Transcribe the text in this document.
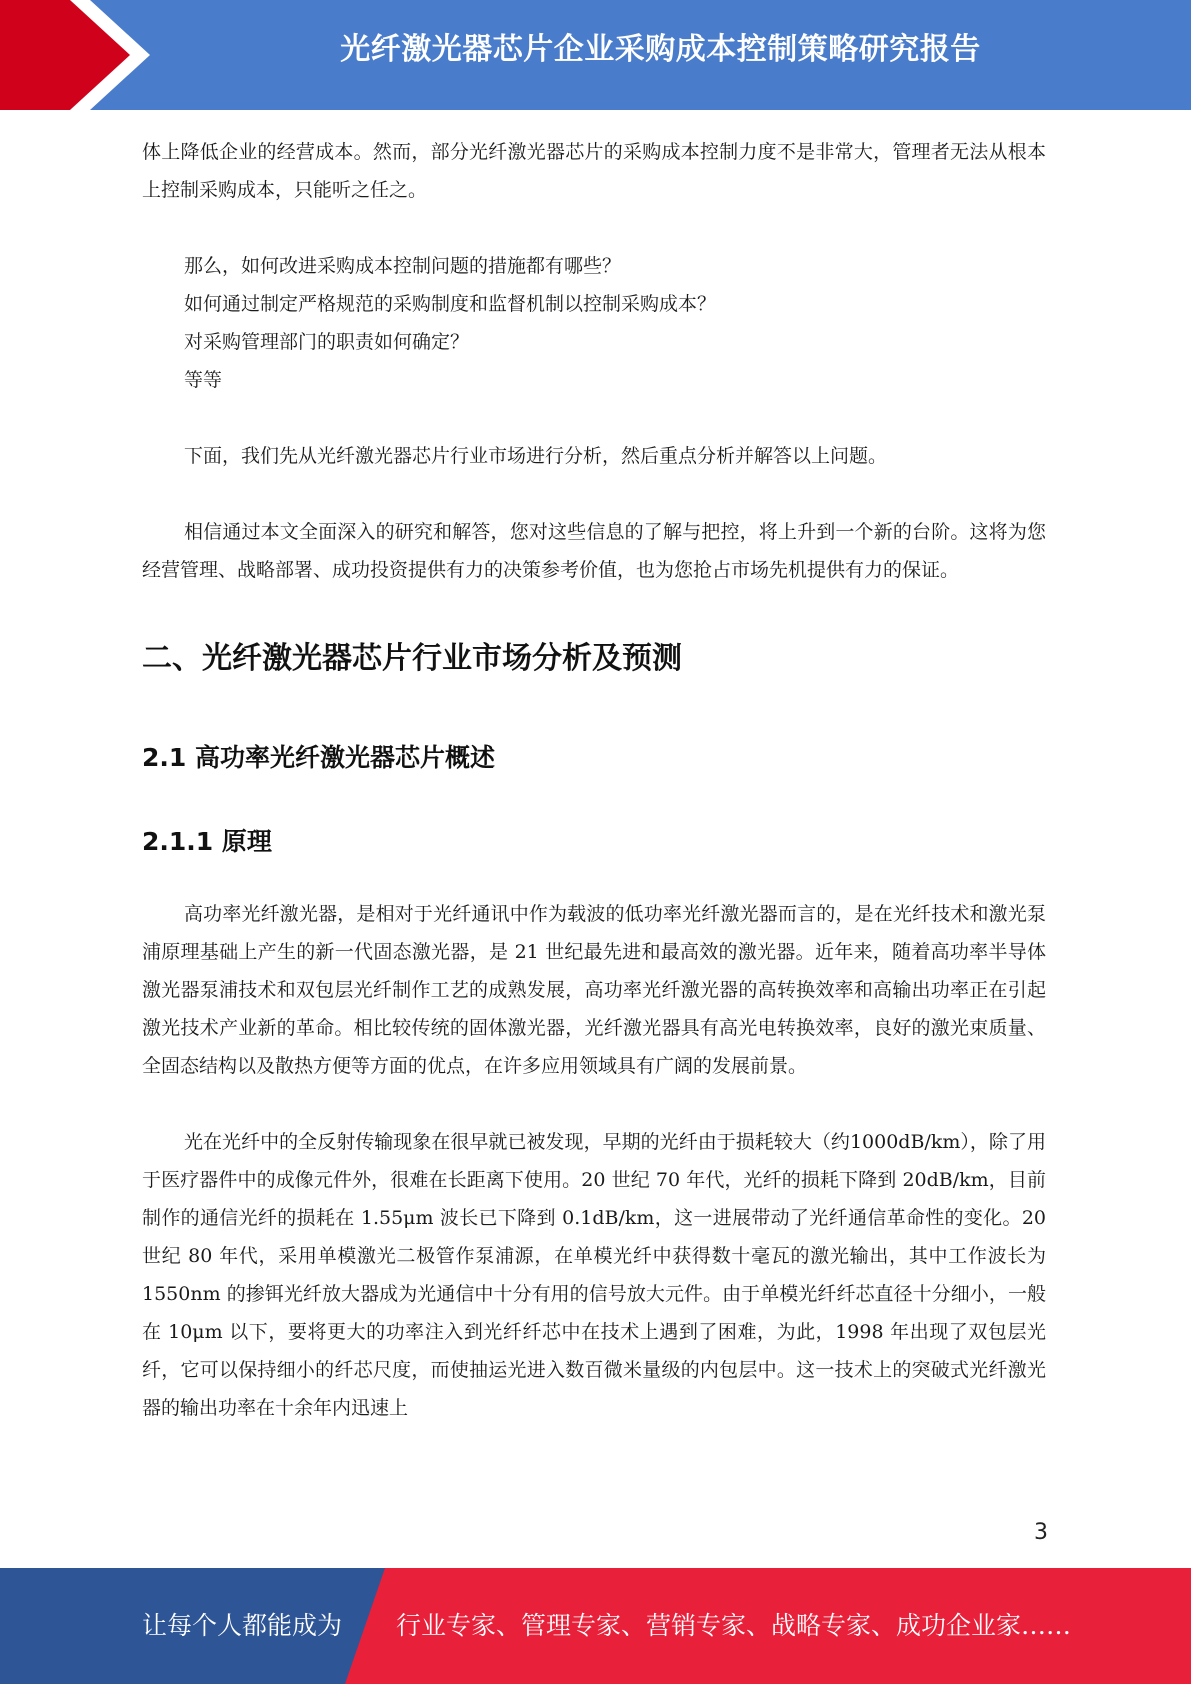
光纤激光器芯片企业采购成本控制策略研究报告

体上降低企业的经营成本。然而，部分光纤激光器芯片的采购成本控制力度不是非常大，管理者无法从根本上控制采购成本，只能听之任之。

那么，如何改进采购成本控制问题的措施都有哪些？

如何通过制定严格规范的采购制度和监督机制以控制采购成本？

对采购管理部门的职责如何确定？

等等

下面，我们先从光纤激光器芯片行业市场进行分析，然后重点分析并解答以上问题。

相信通过本文全面深入的研究和解答，您对这些信息的了解与把控，将上升到一个新的台阶。这将为您经营管理、战略部署、成功投资提供有力的决策参考价值，也为您抢占市场先机提供有力的保证。

二、光纤激光器芯片行业市场分析及预测
2.1 高功率光纤激光器芯片概述
2.1.1 原理

高功率光纤激光器，是相对于光纤通讯中作为载波的低功率光纤激光器而言的，是在光纤技术和激光泵浦原理基础上产生的新一代固态激光器，是 21 世纪最先进和最高效的激光器。近年来，随着高功率半导体激光器泵浦技术和双包层光纤制作工艺的成熟发展，高功率光纤激光器的高转换效率和高输出功率正在引起激光技术产业新的革命。相比较传统的固体激光器，光纤激光器具有高光电转换效率，良好的激光束质量、全固态结构以及散热方便等方面的优点，在许多应用领域具有广阔的发展前景。

光在光纤中的全反射传输现象在很早就已被发现，早期的光纤由于损耗较大（约1000dB/km），除了用于医疗器件中的成像元件外，很难在长距离下使用。20 世纪 70 年代，光纤的损耗下降到 20dB/km，目前制作的通信光纤的损耗在 1.55μm 波长已下降到 0.1dB/km，这一进展带动了光纤通信革命性的变化。20 世纪 80 年代，采用单模激光二极管作泵浦源，在单模光纤中获得数十毫瓦的激光输出，其中工作波长为 1550nm 的掺铒光纤放大器成为光通信中十分有用的信号放大元件。由于单模光纤纤芯直径十分细小，一般在 10μm 以下，要将更大的功率注入到光纤纤芯中在技术上遇到了困难，为此，1998 年出现了双包层光纤，它可以保持细小的纤芯尺度，而使抽运光进入数百微米量级的内包层中。这一技术上的突破式光纤激光器的输出功率在十余年内迅速上

3
让每个人都能成为 行业专家、管理专家、营销专家、战略专家、成功企业家……
